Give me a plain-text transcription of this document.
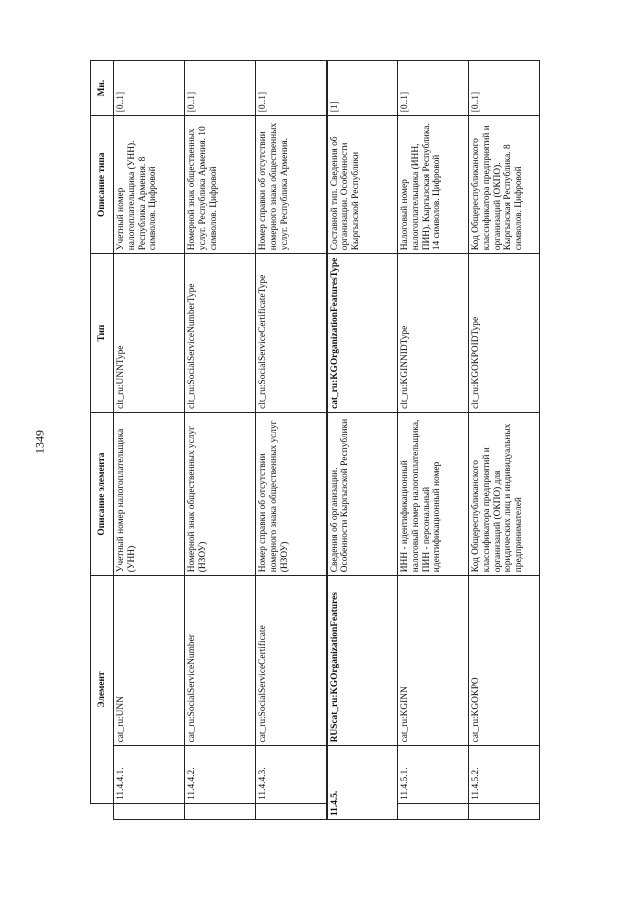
1349
	Элемент		Описание элемента	Тип	Описание типа	Мн.
	11.4.4.1.	cat_ru:UNN	Учетный номер налогоплательщика (УНН)	clt_ru:UNNType	Учетный номер налогоплательщика (УНН). Республика Армения. 8 символов. Цифровой	[0..1]
	11.4.4.2.	cat_ru:SocialServiceNumber	Номерной знак общественных услуг (НЗОУ)	clt_ru:SocialServiceNumberType	Номерной знак общественных услуг. Республика Армения. 10 символов. Цифровой	[0..1]
	11.4.4.3.	cat_ru:SocialServiceCertificate	Номер справки об отсутствии номерного знака общественных услуг (НЗОУ)	clt_ru:SocialServiceCertificateType	Номер справки об отсутствии номерного знака общественных услуг. Республика Армения.	[0..1]
11.4.5.		RUScat_ru:KGOrganizationFeatures	Сведения об организации. Особенности Кыргызской Республики	cat_ru:KGOrganizationFeaturesType	Составной тип. Сведения об организации. Особенности Кыргызской Республики	[1]
	11.4.5.1.	cat_ru:KGINN	ИНН - идентификационный налоговый номер налогоплательщика, ПИН - персональный идентификационный номер	clt_ru:KGINNIDType	Налоговый номер налогоплательщика (ИНН, ПИН). Кыргызская Республика. 14 символов. Цифровой	[0..1]
	11.4.5.2.	cat_ru:KGOKPO	Код Общереспубликанского классификатора предприятий и организаций (ОКПО) для юридических лиц и индивидуальных предпринимателей	clt_ru:KGOKPOIDType	Код Общереспубликанского классификатора предприятий и организаций (ОКПО). Кыргызская Республика. 8 символов. Цифровой	[0..1]
